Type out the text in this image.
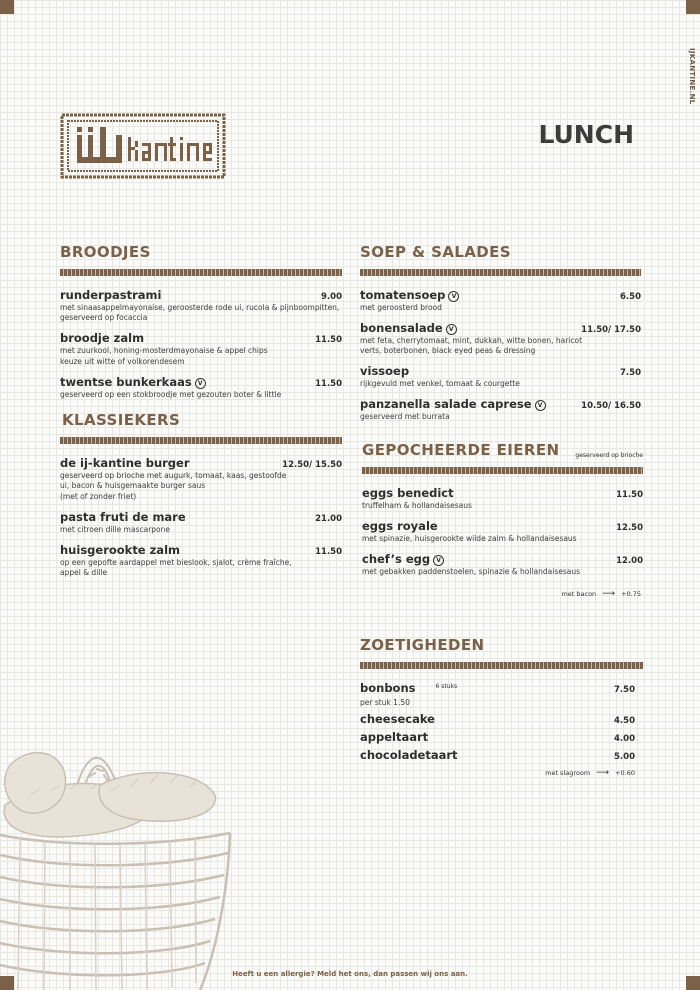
IJKANTINE.NL
LUNCH
BROODJES
runderpastrami	9.00
met sinaasappelmayonaise, geroosterde rode ui, rucola & pijnboompitten, geserveerd op focaccia
broodje zalm	11.50
met zuurkool, honing-mosterdmayonaise & appel chips
keuze uit witte of volkorendesem
twentse bunkerkaas V	11.50
geserveerd op een stokbroodje met gezouten boter & little
KLASSIEKERS
de ij-kantine burger	12.50/ 15.50
geserveerd op brioche met augurk, tomaat, kaas, gestoofde ui, bacon & huisgemaakte burger saus
(met of zonder friet)
pasta fruti de mare	21.00
met citroen dille mascarpone
huisgerookte zalm	11.50
op een gepofte aardappel met bieslook, sjalot, crème fraîche, appel & dille
SOEP & SALADES
tomatensoep V	6.50
met geroosterd brood
bonensalade V	11.50/ 17.50
met feta, cherrytomaat, mint, dukkah, witte bonen, haricot verts, boterbonen, black eyed peas & dressing
vissoep	7.50
rijkgevuld met venkel, tomaat & courgette
panzanella salade caprese V	10.50/ 16.50
geserveerd met burrata
GEPOCHEERDE EIEREN	geserveerd op brioche
eggs benedict	11.50
truffelham & hollandaisesaus
eggs royale	12.50
met spinazie, huisgerookte wilde zalm & hollandaisesaus
chef’s egg V	12.00
met gebakken paddenstoelen, spinazie & hollandaisesaus
met bacon ⟶ +0.75
ZOETIGHEDEN
bonbons	$^{6 stuks}$	7.50
per stuk 1.50
cheesecake	4.50
appeltaart	4.00
chocoladetaart	5.00
met slagroom ⟶ +0.60

Heeft u een allergie? Meld het ons, dan passen wij ons aan.
